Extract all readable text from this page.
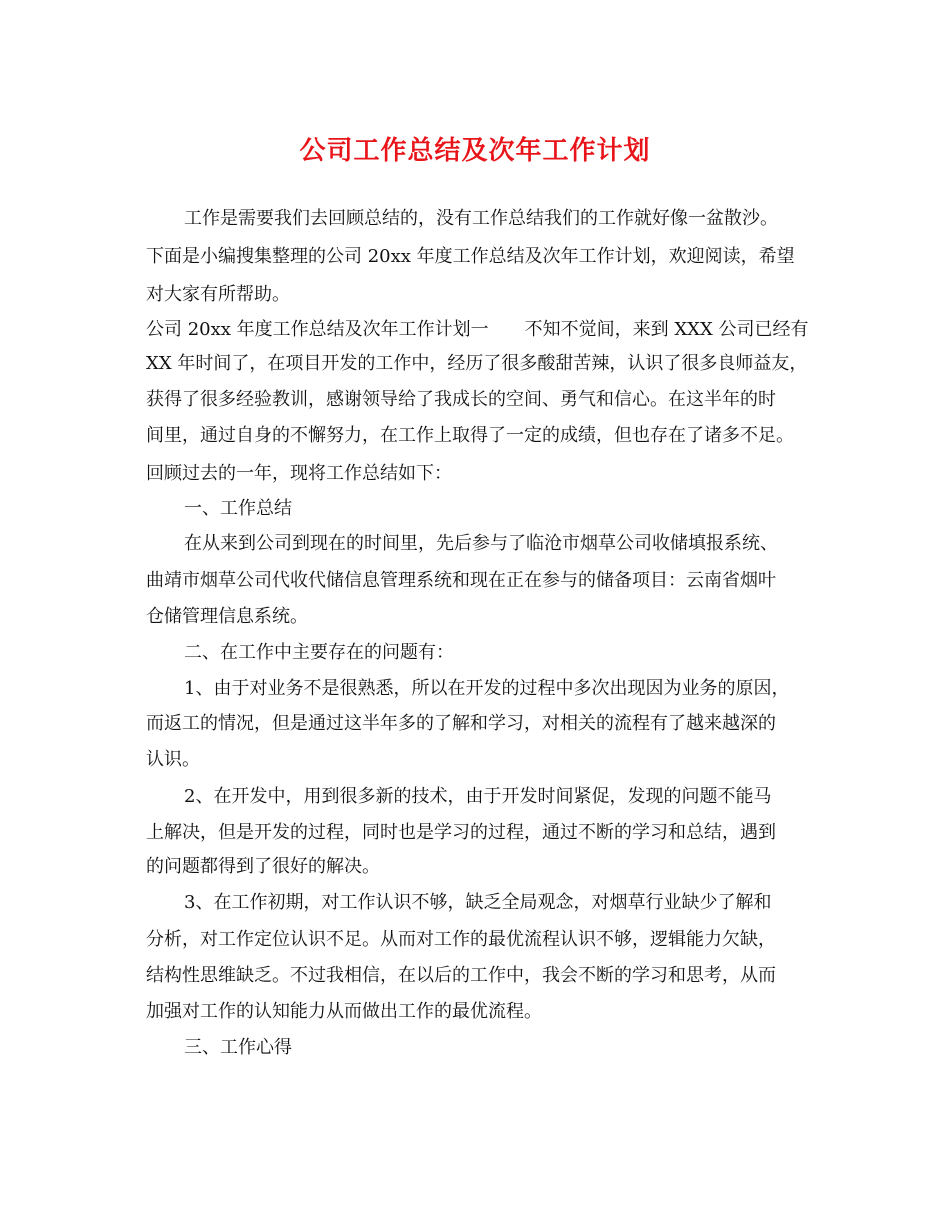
公司工作总结及次年工作计划
工作是需要我们去回顾总结的，没有工作总结我们的工作就好像一盆散沙。
下面是小编搜集整理的公司 20xx 年度工作总结及次年工作计划，欢迎阅读，希望
对大家有所帮助。
公司 20xx 年度工作总结及次年工作计划一　　不知不觉间，来到 XXX 公司已经有
XX 年时间了，在项目开发的工作中，经历了很多酸甜苦辣，认识了很多良师益友，
获得了很多经验教训，感谢领导给了我成长的空间、勇气和信心。在这半年的时
间里，通过自身的不懈努力，在工作上取得了一定的成绩，但也存在了诸多不足。
回顾过去的一年，现将工作总结如下：
一、工作总结
在从来到公司到现在的时间里，先后参与了临沧市烟草公司收储填报系统、
曲靖市烟草公司代收代储信息管理系统和现在正在参与的储备项目：云南省烟叶
仓储管理信息系统。
二、在工作中主要存在的问题有：
1、由于对业务不是很熟悉，所以在开发的过程中多次出现因为业务的原因，
而返工的情况，但是通过这半年多的了解和学习，对相关的流程有了越来越深的
认识。
2、在开发中，用到很多新的技术，由于开发时间紧促，发现的问题不能马
上解决，但是开发的过程，同时也是学习的过程，通过不断的学习和总结，遇到
的问题都得到了很好的解决。
3、在工作初期，对工作认识不够，缺乏全局观念，对烟草行业缺少了解和
分析，对工作定位认识不足。从而对工作的最优流程认识不够，逻辑能力欠缺，
结构性思维缺乏。不过我相信，在以后的工作中，我会不断的学习和思考，从而
加强对工作的认知能力从而做出工作的最优流程。
三、工作心得
